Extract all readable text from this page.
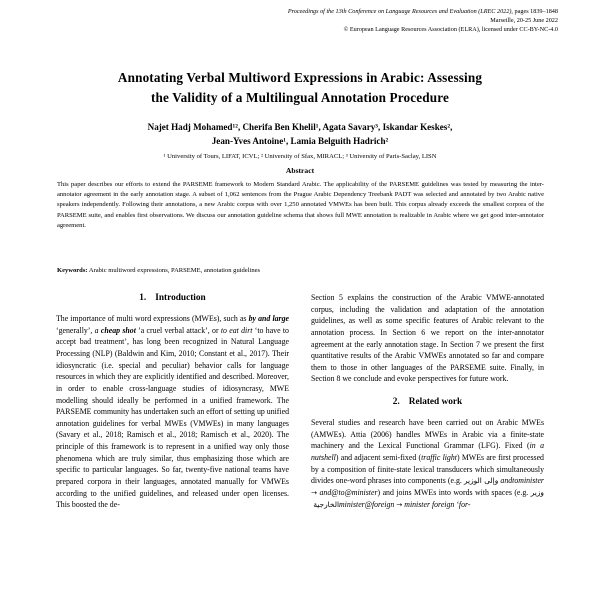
Proceedings of the 13th Conference on Language Resources and Evaluation (LREC 2022), pages 1839–1848
Marseille, 20-25 June 2022
© European Language Resources Association (ELRA), licensed under CC-BY-NC-4.0
Annotating Verbal Multiword Expressions in Arabic: Assessing
the Validity of a Multilingual Annotation Procedure
Najet Hadj Mohamed¹², Cherifa Ben Khelil¹, Agata Savary³, Iskandar Keskes²,
Jean-Yves Antoine¹, Lamia Belguith Hadrich²
¹ University of Tours, LIFAT, ICVL; ² University of Sfax, MIRACL; ³ University of Paris-Saclay, LISN
Abstract
This paper describes our efforts to extend the PARSEME framework to Modern Standard Arabic. The applicability of the PARSEME guidelines was tested by measuring the inter-annotator agreement in the early annotation stage. A subset of 1,062 sentences from the Prague Arabic Dependency Treebank PADT was selected and annotated by two Arabic native speakers independently. Following their annotations, a new Arabic corpus with over 1,250 annotated VMWEs has been built. This corpus already exceeds the smallest corpora of the PARSEME suite, and enables first observations. We discuss our annotation guideline schema that shows full MWE annotation is realizable in Arabic where we get good inter-annotator agreement.
Keywords: Arabic multiword expressions, PARSEME, annotation guidelines
1. Introduction

The importance of multi word expressions (MWEs), such as by and large ‘generally’, a cheap shot ’a cruel verbal attack’, or to eat dirt ‘to have to accept bad treatment’, has long been recognized in Natural Language Processing (NLP) (Baldwin and Kim, 2010; Constant et al., 2017). Their idiosyncratic (i.e. special and peculiar) behavior calls for language resources in which they are explicitly identified and described. Moreover, in order to enable cross-language studies of idiosyncrasy, MWE modelling should ideally be performed in a unified framework. The PARSEME community has undertaken such an effort of setting up unified annotation guidelines for verbal MWEs (VMWEs) in many languages (Savary et al., 2018; Ramisch et al., 2018; Ramisch et al., 2020). The principle of this framework is to represent in a unified way only those phenomena which are truly similar, thus emphasizing those which are specific to particular languages. So far, twenty-five national teams have prepared corpora in their languages, annotated manually for VMWEs according to the unified guidelines, and released under open licenses. This boosted the de-

Section 5 explains the construction of the Arabic VMWE-annotated corpus, including the validation and adaptation of the annotation guidelines, as well as some specific features of Arabic relevant to the annotation process. In Section 6 we report on the inter-annotator agreement at the early annotation stage. In Section 7 we present the first quantitative results of the Arabic VMWEs annotated so far and compare them to those in other languages of the PARSEME suite. Finally, in Section 8 we conclude and evoke perspectives for future work.

2. Related work

Several studies and research have been carried out on Arabic MWEs (AMWEs). Attia (2006) handles MWEs in Arabic via a finite-state machinery and the Lexical Functional Grammar (LFG). Fixed (in a nutshell) and adjacent semi-fixed (traffic light) MWEs are first processed by a composition of finite-state lexical transducers which simultaneously divides one-word phrases into components (e.g. وإلى الوزير andtominister → and@to@minister) and joins MWEs into words with spaces (e.g. وزير الخارجية minister@foreign → minister foreign ‘for-
